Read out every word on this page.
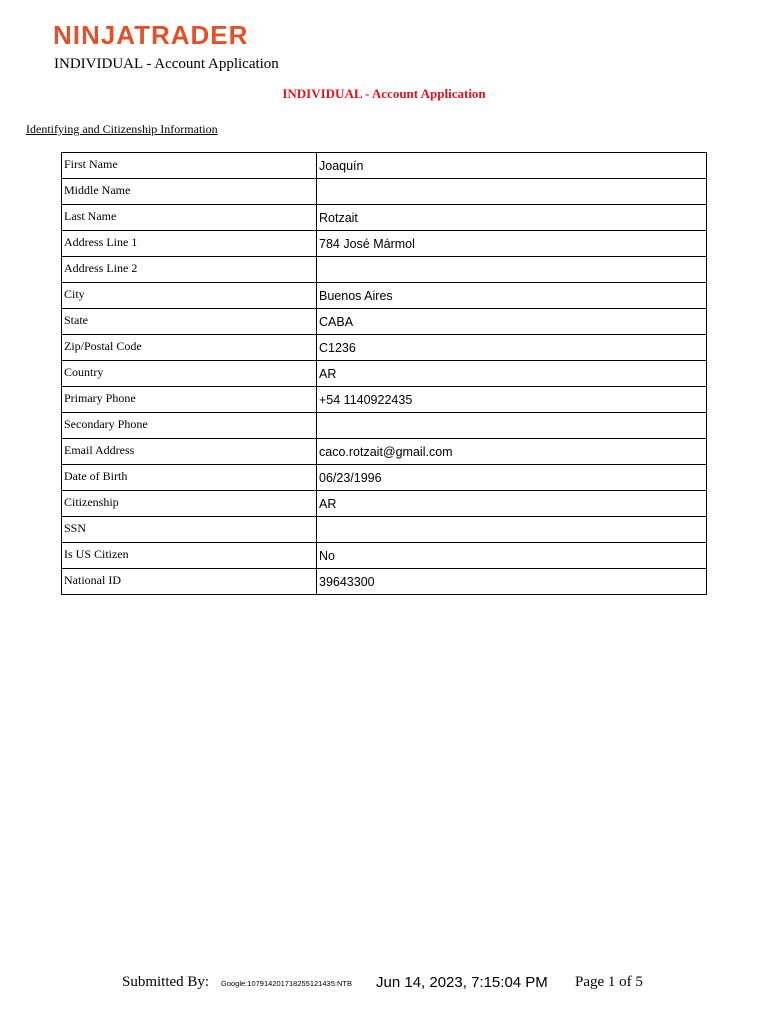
NINJATRADER
INDIVIDUAL - Account Application
INDIVIDUAL - Account Application
Identifying and Citizenship Information
First Name	Joaquín
Middle Name	
Last Name	Rotzait
Address Line 1	784 José Mármol
Address Line 2	
City	Buenos Aires
State	CABA
Zip/Postal Code	C1236
Country	AR
Primary Phone	+54 1140922435
Secondary Phone	
Email Address	caco.rotzait@gmail.com
Date of Birth	06/23/1996
Citizenship	AR
SSN	
Is US Citizen	No
National ID	39643300
Submitted By: Google:107914201718255121435:NTB Jun 14, 2023, 7:15:04 PM Page 1 of 5
